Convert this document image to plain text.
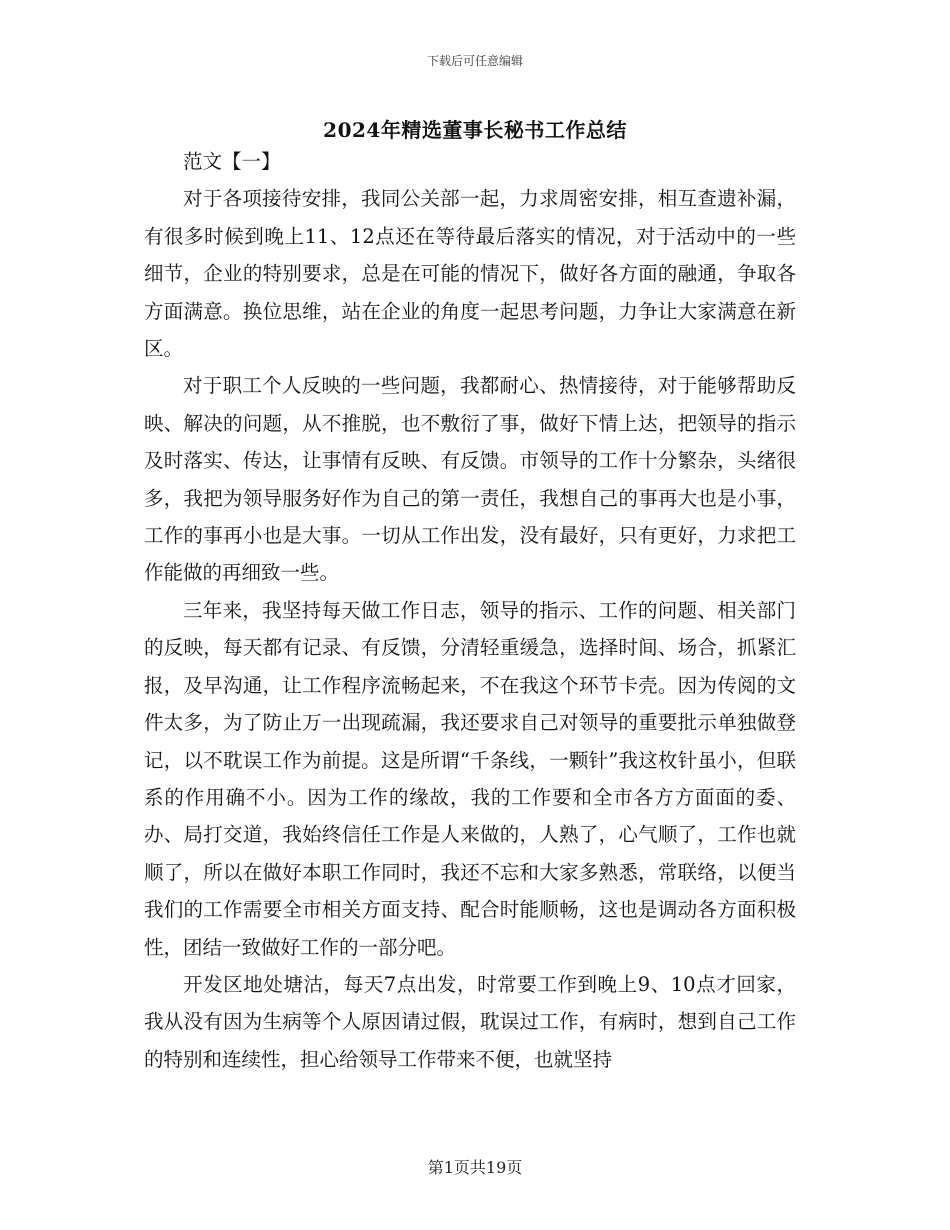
下载后可任意编辑
2024年精选董事长秘书工作总结

范文【一】

对于各项接待安排，我同公关部一起，力求周密安排，相互查遗补漏，有很多时候到晚上11、12点还在等待最后落实的情况，对于活动中的一些细节，企业的特别要求，总是在可能的情况下，做好各方面的融通，争取各方面满意。换位思维，站在企业的角度一起思考问题，力争让大家满意在新区。

对于职工个人反映的一些问题，我都耐心、热情接待，对于能够帮助反映、解决的问题，从不推脱，也不敷衍了事，做好下情上达，把领导的指示及时落实、传达，让事情有反映、有反馈。市领导的工作十分繁杂，头绪很多，我把为领导服务好作为自己的第一责任，我想自己的事再大也是小事，工作的事再小也是大事。一切从工作出发，没有最好，只有更好，力求把工作能做的再细致一些。

三年来，我坚持每天做工作日志，领导的指示、工作的问题、相关部门的反映，每天都有记录、有反馈，分清轻重缓急，选择时间、场合，抓紧汇报，及早沟通，让工作程序流畅起来，不在我这个环节卡壳。因为传阅的文件太多，为了防止万一出现疏漏，我还要求自己对领导的重要批示单独做登记，以不耽误工作为前提。这是所谓“千条线，一颗针”我这枚针虽小，但联系的作用确不小。因为工作的缘故，我的工作要和全市各方方面面的委、办、局打交道，我始终信任工作是人来做的，人熟了，心气顺了，工作也就顺了，所以在做好本职工作同时，我还不忘和大家多熟悉，常联络，以便当我们的工作需要全市相关方面支持、配合时能顺畅，这也是调动各方面积极性，团结一致做好工作的一部分吧。

开发区地处塘沽，每天7点出发，时常要工作到晚上9、10点才回家，我从没有因为生病等个人原因请过假，耽误过工作，有病时，想到自己工作的特别和连续性，担心给领导工作带来不便，也就坚持

第1页共19页
